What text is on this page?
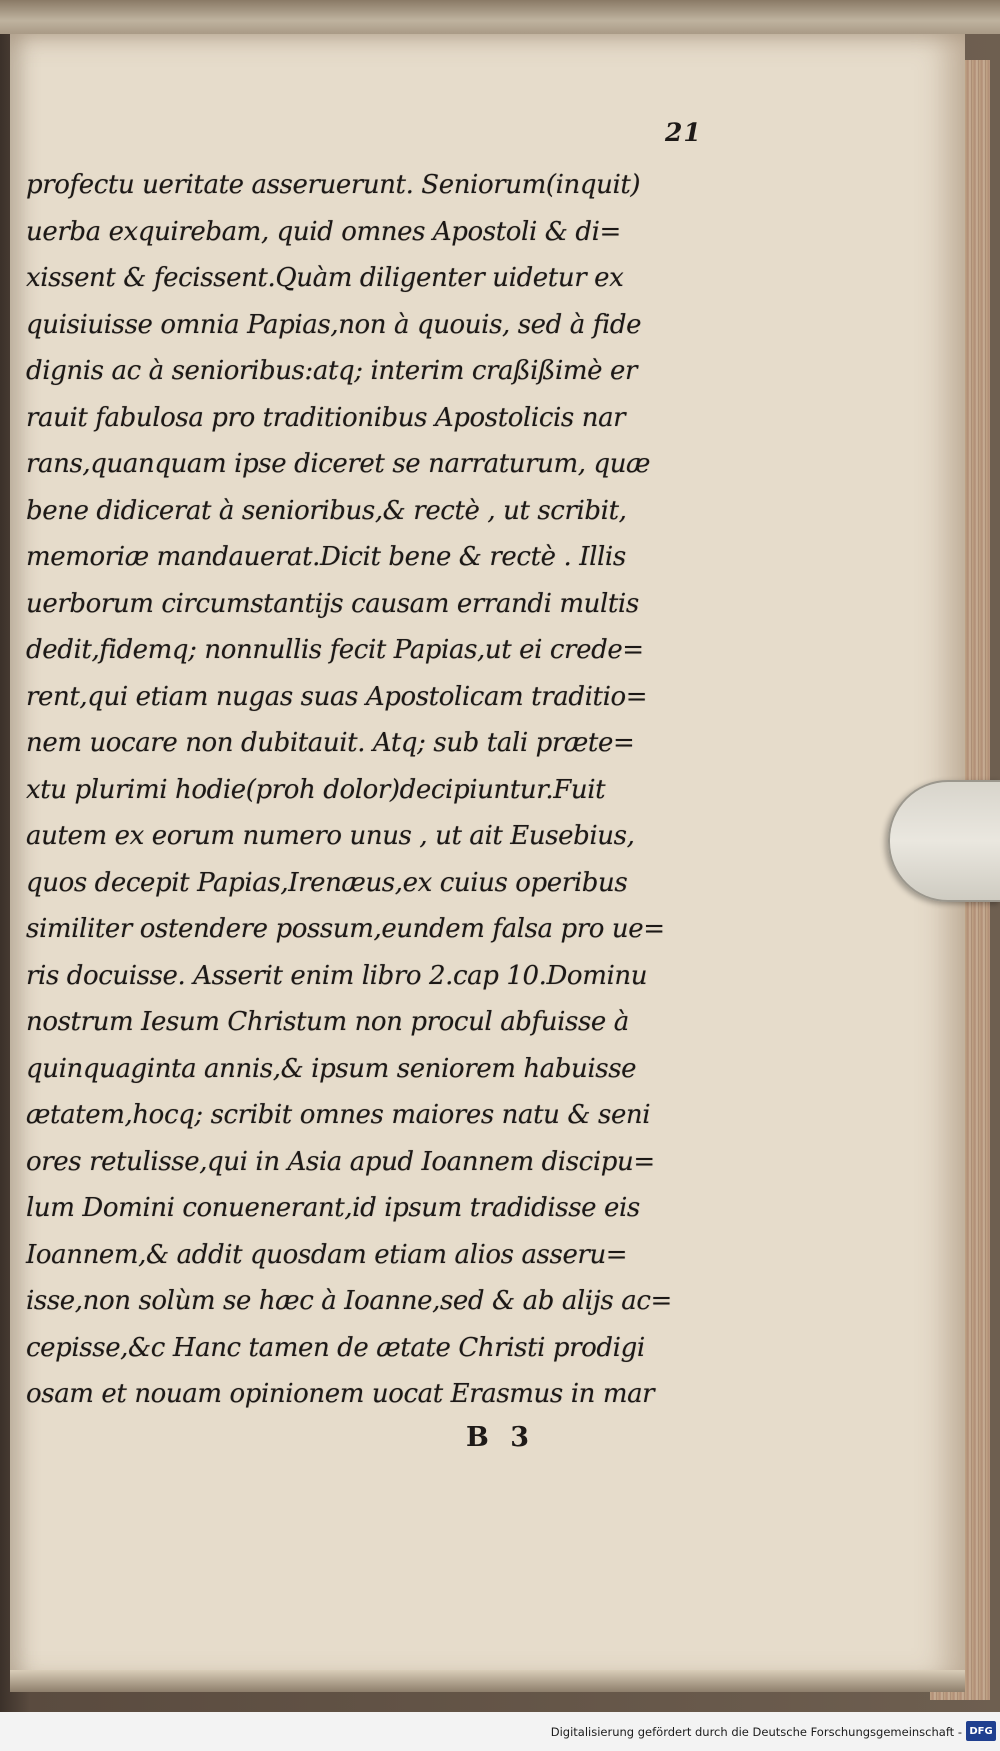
21
profectu ueritate asseruerunt. Seniorum(inquit)
uerba exquirebam, quid omnes Apostoli & di=
xissent & fecissent.Quàm diligenter uidetur ex
quisiuisse omnia Papias,non à quouis, sed à fide
dignis ac à senioribus:atq; interim craßißimè er
rauit fabulosa pro traditionibus Apostolicis nar
rans,quanquam ipse diceret se narraturum, quæ
bene didicerat à senioribus,& rectè , ut scribit,
memoriæ mandauerat.Dicit bene & rectè . Illis
uerborum circumstantijs causam errandi multis
dedit,fidemq; nonnullis fecit Papias,ut ei crede=
rent,qui etiam nugas suas Apostolicam traditio=
nem uocare non dubitauit. Atq; sub tali præte=
xtu plurimi hodie(proh dolor)decipiuntur.Fuit
autem ex eorum numero unus , ut ait Eusebius,
quos decepit Papias,Irenæus,ex cuius operibus
similiter ostendere possum,eundem falsa pro ue=
ris docuisse. Asserit enim libro 2.cap 10.Dominu
nostrum Iesum Christum non procul abfuisse à
quinquaginta annis,& ipsum seniorem habuisse
ætatem,hocq; scribit omnes maiores natu & seni
ores retulisse,qui in Asia apud Ioannem discipu=
lum Domini conuenerant,id ipsum tradidisse eis
Ioannem,& addit quosdam etiam alios asseru=
isse,non solùm se hæc à Ioanne,sed & ab alijs ac=
cepisse,&c Hanc tamen de ætate Christi prodigi
osam et nouam opinionem uocat Erasmus in mar
B 3
Digitalisierung gefördert durch die Deutsche Forschungsgemeinschaft - DFG
